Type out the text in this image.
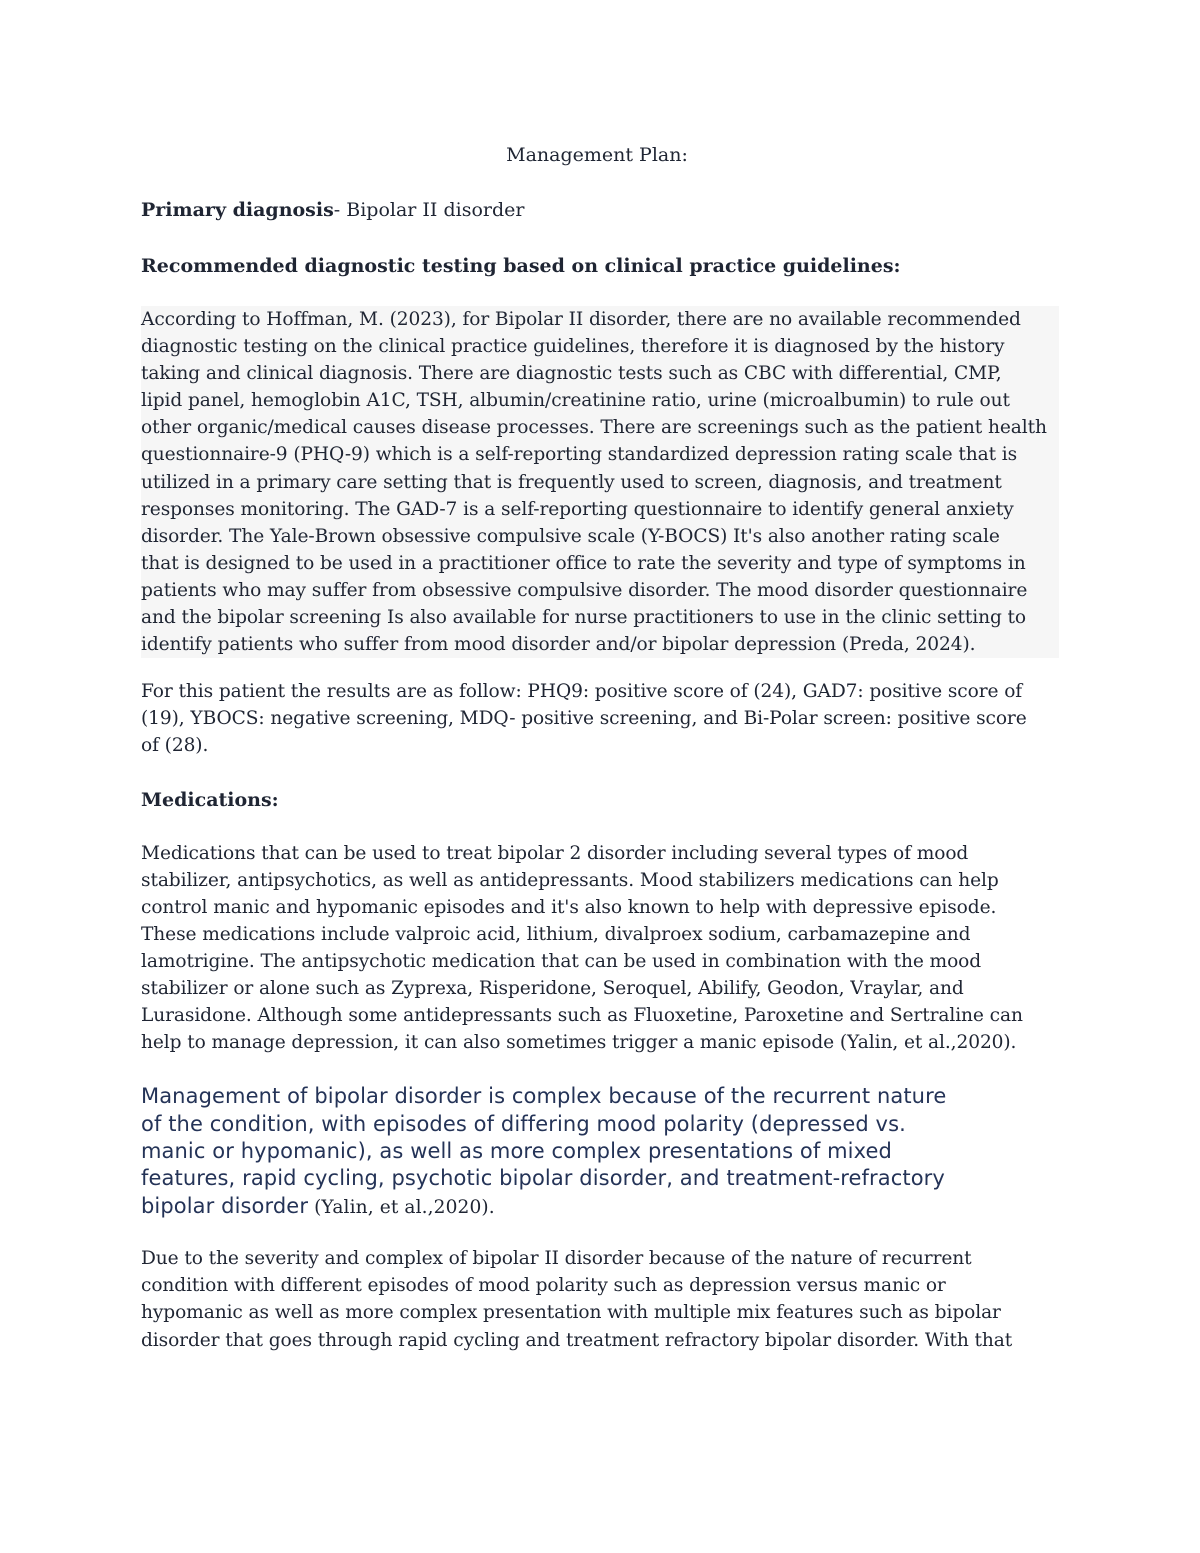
Management Plan:
Primary diagnosis- Bipolar II disorder
Recommended diagnostic testing based on clinical practice guidelines:

According to Hoffman, M. (2023), for Bipolar II disorder, there are no available recommended
diagnostic testing on the clinical practice guidelines, therefore it is diagnosed by the history
taking and clinical diagnosis. There are diagnostic tests such as CBC with differential, CMP,
lipid panel, hemoglobin A1C, TSH, albumin/creatinine ratio, urine (microalbumin) to rule out
other organic/medical causes disease processes. There are screenings such as the patient health
questionnaire-9 (PHQ-9) which is a self-reporting standardized depression rating scale that is
utilized in a primary care setting that is frequently used to screen, diagnosis, and treatment
responses monitoring. The GAD-7 is a self-reporting questionnaire to identify general anxiety
disorder. The Yale-Brown obsessive compulsive scale (Y-BOCS) It's also another rating scale
that is designed to be used in a practitioner office to rate the severity and type of symptoms in
patients who may suffer from obsessive compulsive disorder. The mood disorder questionnaire
and the bipolar screening Is also available for nurse practitioners to use in the clinic setting to
identify patients who suffer from mood disorder and/or bipolar depression (Preda, 2024).

For this patient the results are as follow: PHQ9: positive score of (24), GAD7: positive score of
(19), YBOCS: negative screening, MDQ- positive screening, and Bi-Polar screen: positive score
of (28).

Medications:

Medications that can be used to treat bipolar 2 disorder including several types of mood
stabilizer, antipsychotics, as well as antidepressants. Mood stabilizers medications can help
control manic and hypomanic episodes and it's also known to help with depressive episode.
These medications include valproic acid, lithium, divalproex sodium, carbamazepine and
lamotrigine. The antipsychotic medication that can be used in combination with the mood
stabilizer or alone such as Zyprexa, Risperidone, Seroquel, Abilify, Geodon, Vraylar, and
Lurasidone. Although some antidepressants such as Fluoxetine, Paroxetine and Sertraline can
help to manage depression, it can also sometimes trigger a manic episode (Yalin, et al.,2020).

Management of bipolar disorder is complex because of the recurrent nature
of the condition, with episodes of differing mood polarity (depressed vs.
manic or hypomanic), as well as more complex presentations of mixed
features, rapid cycling, psychotic bipolar disorder, and treatment-refractory
bipolar disorder (Yalin, et al.,2020).

Due to the severity and complex of bipolar II disorder because of the nature of recurrent
condition with different episodes of mood polarity such as depression versus manic or
hypomanic as well as more complex presentation with multiple mix features such as bipolar
disorder that goes through rapid cycling and treatment refractory bipolar disorder. With that
